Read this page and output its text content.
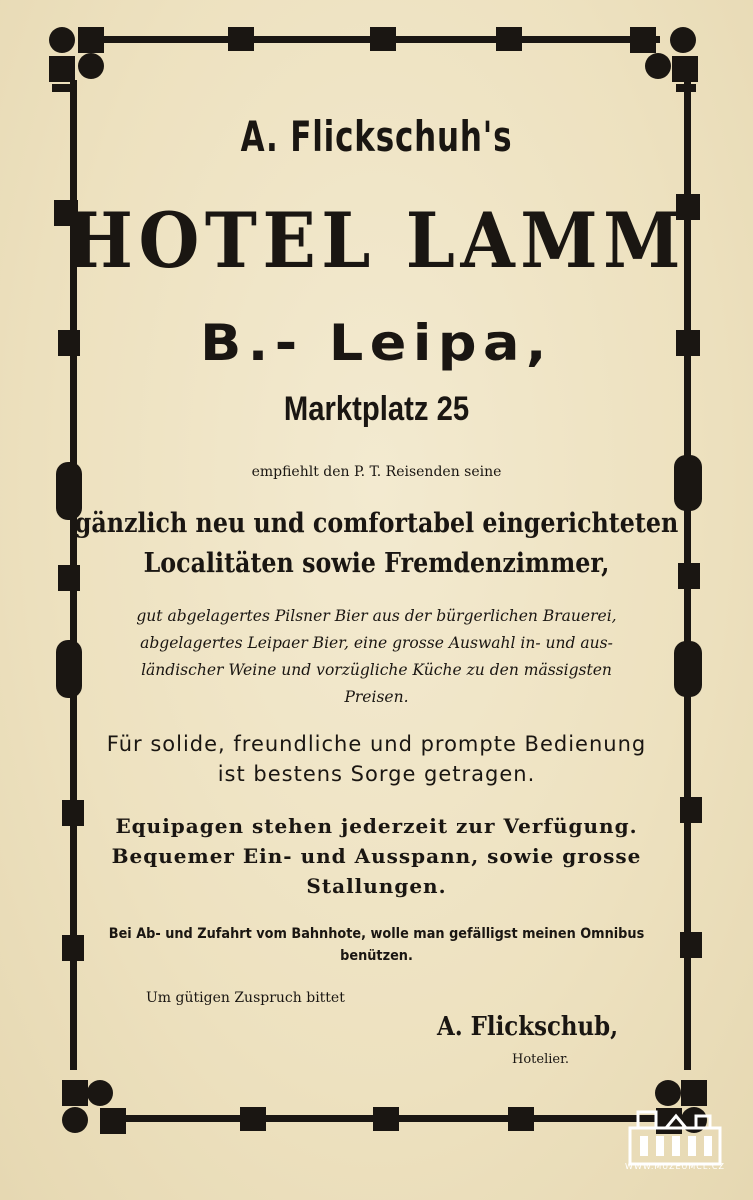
A. Flickschuh's
HOTEL LAMM
B.- Leipa,
Marktplatz 25
empfiehlt den P. T. Reisenden seine
gänzlich neu und comfortabel eingerichteten
Localitäten sowie Fremdenzimmer,
gut abgelagertes Pilsner Bier aus der bürgerlichen Brauerei,
abgelagertes Leipaer Bier, eine grosse Auswahl in- und aus-
ländischer Weine und vorzügliche Küche zu den mässigsten
Preisen.
Für solide, freundliche und prompte Bedienung
ist bestens Sorge getragen.
Equipagen stehen jederzeit zur Verfügung.
Bequemer Ein- und Ausspann, sowie grosse
Stallungen.
Bei Ab- und Zufahrt vom Bahnhote, wolle man gefälligst meinen Omnibus
benützen.
Um gütigen Zuspruch bittet
A. Flickschub,
Hotelier.
WWW.MUZEUMCL.CZ
